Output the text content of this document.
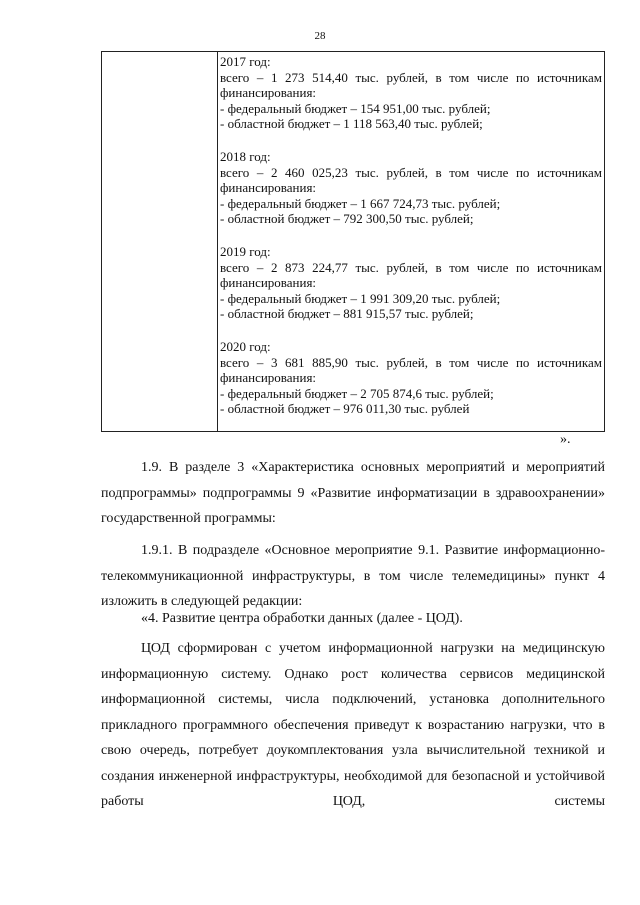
28
2017 год:
всего – 1 273 514,40 тыс. рублей, в том числе по источникам
финансирования:
- федеральный бюджет – 154 951,00 тыс. рублей;
- областной бюджет – 1 118 563,40 тыс. рублей;
2018 год:
всего – 2 460 025,23 тыс. рублей, в том числе по источникам
финансирования:
- федеральный бюджет – 1 667 724,73 тыс. рублей;
- областной бюджет – 792 300,50 тыс. рублей;
2019 год:
всего – 2 873 224,77 тыс. рублей, в том числе по источникам
финансирования:
- федеральный бюджет – 1 991 309,20 тыс. рублей;
- областной бюджет – 881 915,57 тыс. рублей;
2020 год:
всего – 3 681 885,90 тыс. рублей, в том числе по источникам
финансирования:
- федеральный бюджет – 2 705 874,6 тыс. рублей;
- областной бюджет – 976 011,30 тыс. рублей
».

1.9. В разделе 3 «Характеристика основных мероприятий и мероприятий подпрограммы» подпрограммы 9 «Развитие информатизации в здравоохранении» государственной программы:

1.9.1. В подразделе «Основное мероприятие 9.1. Развитие информационно-телекоммуникационной инфраструктуры, в том числе телемедицины» пункт 4 изложить в следующей редакции:

«4. Развитие центра обработки данных (далее - ЦОД).

ЦОД сформирован с учетом информационной нагрузки на медицинскую информационную систему. Однако рост количества сервисов медицинской информационной системы, числа подключений, установка дополнительного прикладного программного обеспечения приведут к возрастанию нагрузки, что в свою очередь, потребует доукомплектования узла вычислительной техникой и создания инженерной инфраструктуры, необходимой для безопасной и устойчивой работы ЦОД, системы
